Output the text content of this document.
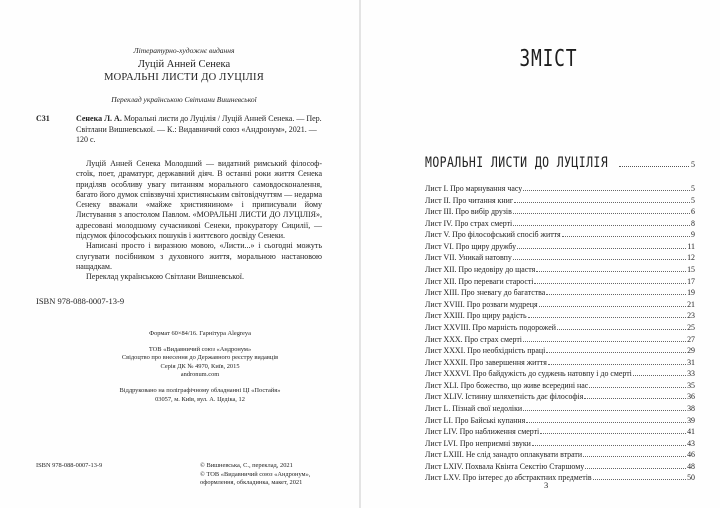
Літературно-художнє видання
Луцій Анней Сенека
МОРАЛЬНІ ЛИСТИ ДО ЛУЦІЛІЯ
Переклад українською Світлани Вишневської
С31	Сенека Л. А. Моральні листи до Луцілія / Луцій Анней Сенека. — Пер. Світлани Вишневської. — К.: Видавничий союз «Андронум», 2021. — 120 с.

Луцій Анней Сенека Молодший — видатний римський філософ-стоїк, поет, драматург, державний діяч. В останні роки життя Сенека приділяв особливу увагу питанням морального самовдосконалення, багато його думок співзвучні християнським світовідчуттям — недарма Сенеку вважали «майже християнином» і приписували йому Листування з апостолом Павлом. «МОРАЛЬНІ ЛИСТИ ДО ЛУЦІЛІЯ», адресовані молодшому сучасникові Сенеки, прокуратору Сицилії, — підсумок філософських пошуків і життєвого досвіду Сенеки.

Написані просто і виразною мовою, «Листи...» і сьогодні можуть слугувати посібником з духовного життя, моральною настановою нащадкам.

Переклад українською Світлани Вишневської.

ISBN 978-088-0007-13-9
Формат 60×84/16. Гарнітура Alegreya
ТОВ «Видавничий союз «Андронум»
Свідоцтво про внесення до Державного реєстру видавців
Серія ДК № 4970, Київ, 2015
andronum.com
Віддруковано на поліграфічному обладнанні ЦІ «Постайя»
03057, м. Київ, вул. А. Цедіка, 12
ISBN 978-088-0007-13-9	© Вишневська, С., переклад, 2021
© ТОВ «Видавничий союз «Андронум»,
оформлення, обкладинка, макет, 2021
ЗМІСТ
МОРАЛЬНІ ЛИСТИ ДО ЛУЦІЛІЯ	5
Лист I. Про марнування часу	5
Лист II. Про читання книг	5
Лист III. Про вибір друзів	6
Лист IV. Про страх смерті	8
Лист V. Про філософський спосіб життя	9
Лист VI. Про щиру дружбу	11
Лист VII. Уникай натовпу	12
Лист XII. Про недовіру до щастя	15
Лист XII. Про переваги старості	17
Лист XIII. Про зневагу до багатства	19
Лист XVIII. Про розваги мудреця	21
Лист XXIII. Про щиру радість	23
Лист XXVIII. Про марність подорожей	25
Лист XXX. Про страх смерті	27
Лист XXXI. Про необхідність праці	29
Лист XXXII. Про завершення життя	31
Лист XXXVI. Про байдужість до суджень натовпу і до смерті	33
Лист XLI. Про божество, що живе всередині нас	35
Лист XLIV. Істинну шляхетність дає філософія	36
Лист L. Пізнай свої недоліки	38
Лист LI. Про Байські купання	39
Лист LIV. Про наближення смерті	41
Лист LVI. Про неприємні звуки	43
Лист LXIII. Не слід занадто оплакувати втрати	46
Лист LXIV. Похвала Квінта Секстію Старшому	48
Лист LXV. Про інтерес до абстрактних предметів	50
3
